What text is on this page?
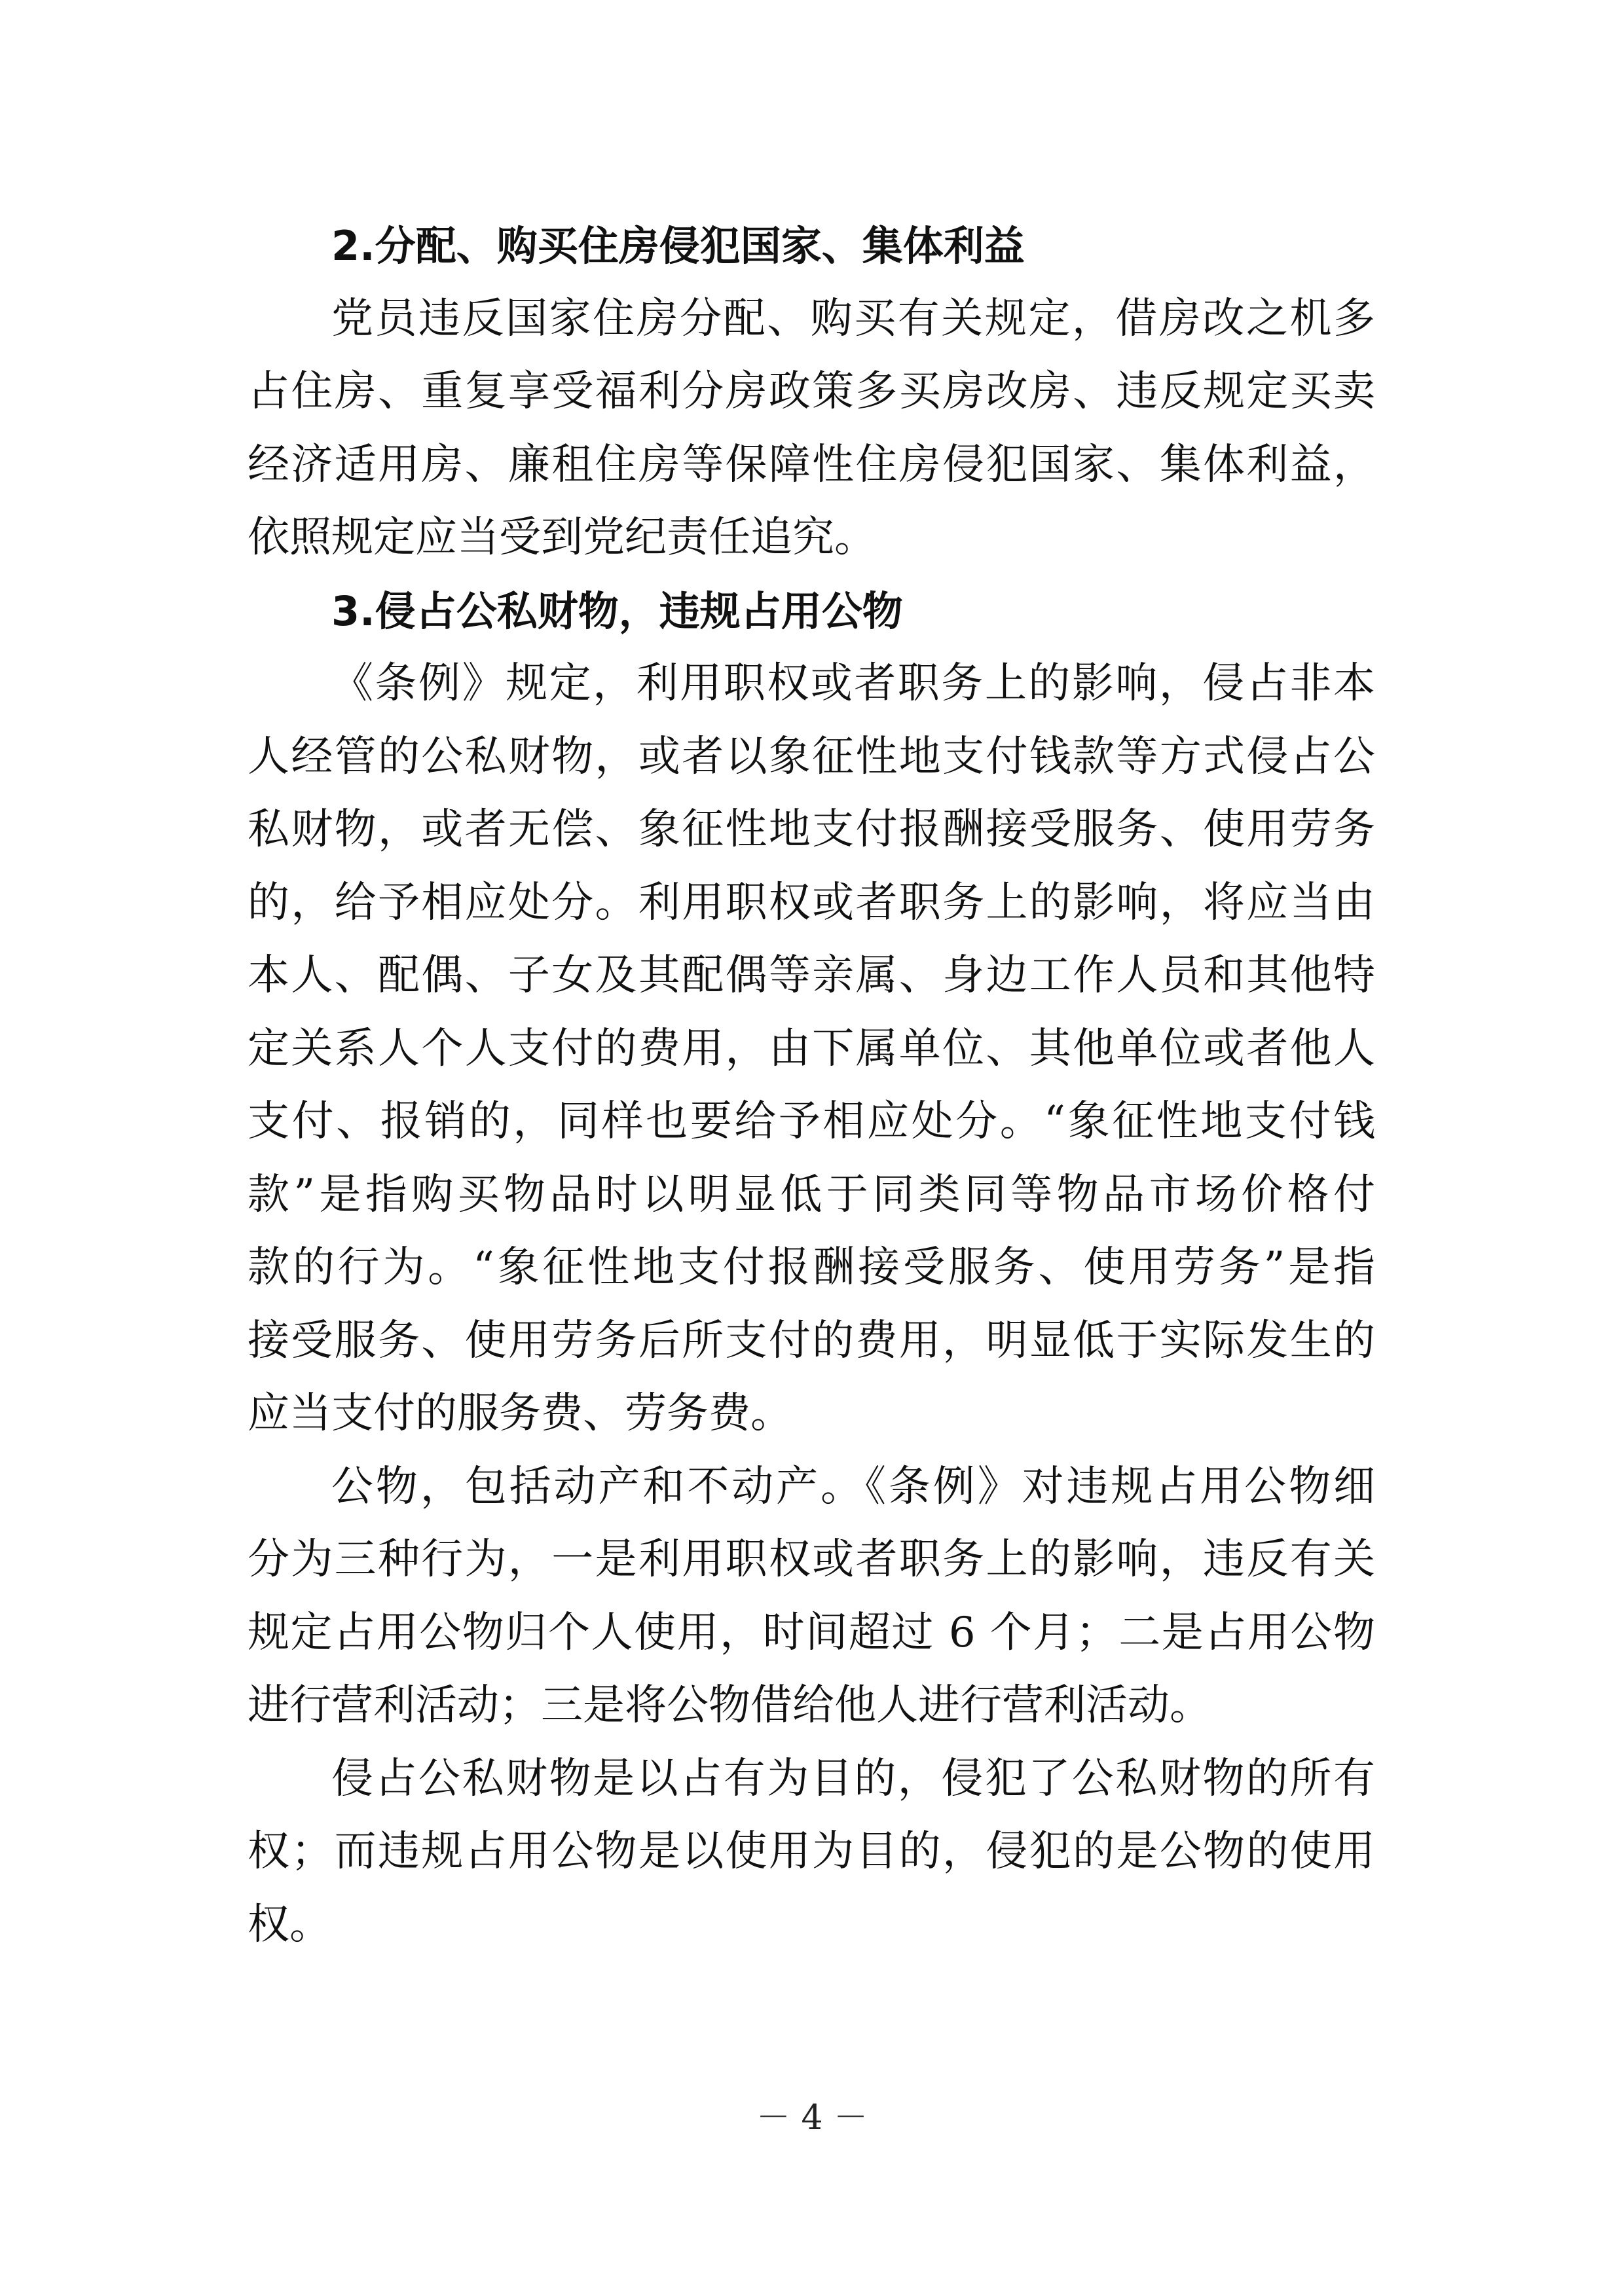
2.分配、购买住房侵犯国家、集体利益
党员违反国家住房分配、购买有关规定，借房改之机多
占住房、重复享受福利分房政策多买房改房、违反规定买卖
经济适用房、廉租住房等保障性住房侵犯国家、集体利益，
依照规定应当受到党纪责任追究。
3.侵占公私财物，违规占用公物
《条例》规定，利用职权或者职务上的影响，侵占非本
人经管的公私财物，或者以象征性地支付钱款等方式侵占公
私财物，或者无偿、象征性地支付报酬接受服务、使用劳务
的，给予相应处分。利用职权或者职务上的影响，将应当由
本人、配偶、子女及其配偶等亲属、身边工作人员和其他特
定关系人个人支付的费用，由下属单位、其他单位或者他人
支付、报销的，同样也要给予相应处分。“象征性地支付钱
款”是指购买物品时以明显低于同类同等物品市场价格付
款的行为。“象征性地支付报酬接受服务、使用劳务”是指
接受服务、使用劳务后所支付的费用，明显低于实际发生的
应当支付的服务费、劳务费。
公物，包括动产和不动产。《条例》对违规占用公物细
分为三种行为，一是利用职权或者职务上的影响，违反有关
规定占用公物归个人使用，时间超过 6 个月；二是占用公物
进行营利活动；三是将公物借给他人进行营利活动。
侵占公私财物是以占有为目的，侵犯了公私财物的所有
权；而违规占用公物是以使用为目的，侵犯的是公物的使用
权。
－ 4 －
